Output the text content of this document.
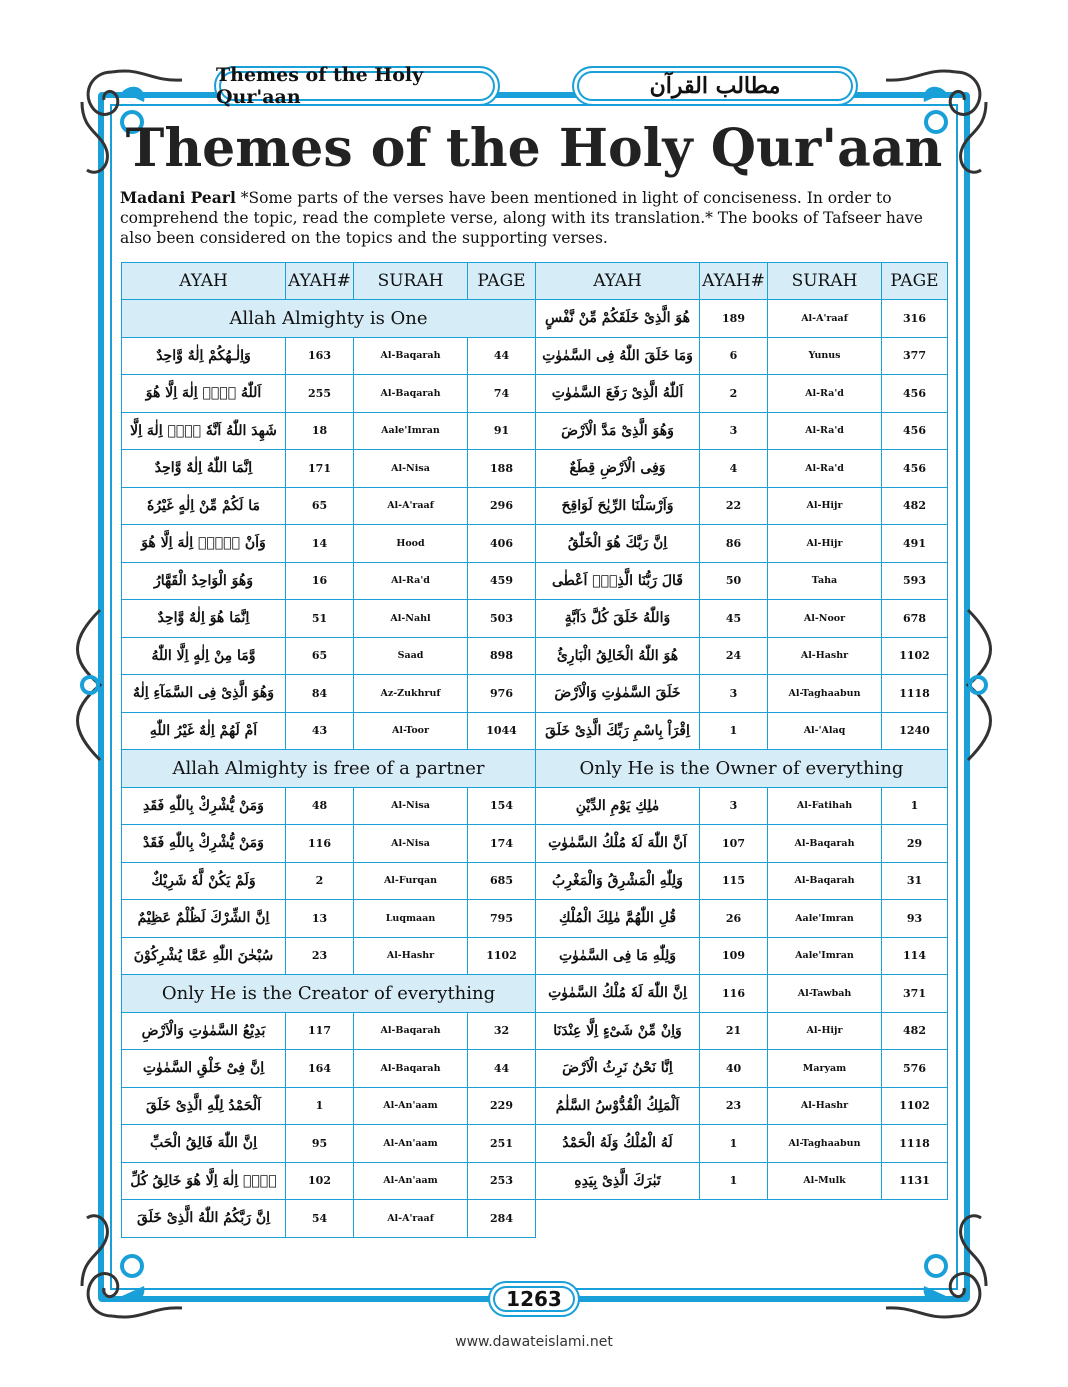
Themes of the Holy Qur'aan	مطالب القرآن
Themes of the Holy Qur'aan
Madani Pearl *Some parts of the verses have been mentioned in light of conciseness. In order to comprehend the topic, read the complete verse, along with its translation.* The books of Tafseer have also been considered on the topics and the supporting verses.
AYAH	AYAH#	SURAH	PAGE	AYAH	AYAH#	SURAH	PAGE
Allah Almighty is One				هُوَ الَّذِیْ خَلَقَكُمْ مِّنْ نَّفْسٍ	189	Al-A'raaf	316
وَاِلٰـهُكُمْ اِلٰهٌ وَّاحِدٌ	163	Al-Baqarah	44	وَمَا خَلَقَ اللّٰهُ فِی السَّمٰوٰتِ	6	Yunus	377
اَللّٰهُ لَاۤ اِلٰهَ اِلَّا هُوَ	255	Al-Baqarah	74	اَللّٰهُ الَّذِیْ رَفَعَ السَّمٰوٰتِ	2	Al-Ra'd	456
شَهِدَ اللّٰهُ اَنَّهٗ لَاۤ اِلٰهَ اِلَّا	18	Aale'Imran	91	وَهُوَ الَّذِیْ مَدَّ الْاَرْضَ	3	Al-Ra'd	456
اِنَّمَا اللّٰهُ اِلٰهٌ وَّاحِدٌ	171	Al-Nisa	188	وَفِی الْاَرْضِ قِطَعٌ	4	Al-Ra'd	456
مَا لَكُمْ مِّنْ اِلٰهٍ غَیْرُهٗ	65	Al-A'raaf	296	وَاَرْسَلْنَا الرِّیٰحَ لَوَاقِحَ	22	Al-Hijr	482
وَاَنْ لَّاۤ اِلٰهَ اِلَّا هُوَ	14	Hood	406	اِنَّ رَبَّكَ هُوَ الْخَلّٰقُ	86	Al-Hijr	491
وَهُوَ الْوَاحِدُ الْقَهَّارُ	16	Al-Ra'd	459	قَالَ رَبُّنَا الَّذِیْۤ اَعْطٰى	50	Taha	593
اِنَّمَا هُوَ اِلٰهٌ وَّاحِدٌ	51	Al-Nahl	503	وَاللّٰهُ خَلَقَ كُلَّ دَآبَّةٍ	45	Al-Noor	678
وَّمَا مِنْ اِلٰهٍ اِلَّا اللّٰهُ	65	Saad	898	هُوَ اللّٰهُ الْخَالِقُ الْبَارِئُ	24	Al-Hashr	1102
وَهُوَ الَّذِیْ فِی السَّمَآءِ اِلٰهٌ	84	Az-Zukhruf	976	خَلَقَ السَّمٰوٰتِ وَالْاَرْضَ	3	Al-Taghaabun	1118
اَمْ لَهُمْ اِلٰهٌ غَیْرُ اللّٰهِ	43	Al-Toor	1044	اِقْرَاْ بِاسْمِ رَبِّكَ الَّذِیْ خَلَقَ	1	Al-'Alaq	1240
Allah Almighty is free of a partner				Only He is the Owner of everything			
وَمَنْ یُّشْرِكْ بِاللّٰهِ فَقَدِ	48	Al-Nisa	154	مٰلِكِ یَوْمِ الدِّیْنِ	3	Al-Fatihah	1
وَمَنْ یُّشْرِكْ بِاللّٰهِ فَقَدْ	116	Al-Nisa	174	اَنَّ اللّٰهَ لَهٗ مُلْكُ السَّمٰوٰتِ	107	Al-Baqarah	29
وَلَمْ یَكُنْ لَّهٗ شَرِیْكٌ	2	Al-Furqan	685	وَلِلّٰهِ الْمَشْرِقُ وَالْمَغْرِبُ	115	Al-Baqarah	31
اِنَّ الشِّرْكَ لَظُلْمٌ عَظِیْمٌ	13	Luqmaan	795	قُلِ اللّٰهُمَّ مٰلِكَ الْمُلْكِ	26	Aale'Imran	93
سُبْحٰنَ اللّٰهِ عَمَّا یُشْرِكُوْنَ	23	Al-Hashr	1102	وَلِلّٰهِ مَا فِی السَّمٰوٰتِ	109	Aale'Imran	114
Only He is the Creator of everything				اِنَّ اللّٰهَ لَهٗ مُلْكُ السَّمٰوٰتِ	116	Al-Tawbah	371
بَدِیْعُ السَّمٰوٰتِ وَالْاَرْضِ	117	Al-Baqarah	32	وَاِنْ مِّنْ شَیْءٍ اِلَّا عِنْدَنَا	21	Al-Hijr	482
اِنَّ فِیْ خَلْقِ السَّمٰوٰتِ	164	Al-Baqarah	44	اِنَّا نَحْنُ نَرِثُ الْاَرْضَ	40	Maryam	576
اَلْحَمْدُ لِلّٰهِ الَّذِیْ خَلَقَ	1	Al-An'aam	229	اَلْمَلِكُ الْقُدُّوْسُ السَّلٰمُ	23	Al-Hashr	1102
اِنَّ اللّٰهَ فَالِقُ الْحَبِّ	95	Al-An'aam	251	لَهُ الْمُلْكُ وَلَهُ الْحَمْدُ	1	Al-Taghaabun	1118
لَاۤ اِلٰهَ اِلَّا هُوَ خَالِقُ كُلِّ	102	Al-An'aam	253	تَبٰرَكَ الَّذِیْ بِیَدِهِ	1	Al-Mulk	1131
اِنَّ رَبَّكُمُ اللّٰهُ الَّذِیْ خَلَقَ	54	Al-A'raaf	284				
1263
www.dawateislami.net
